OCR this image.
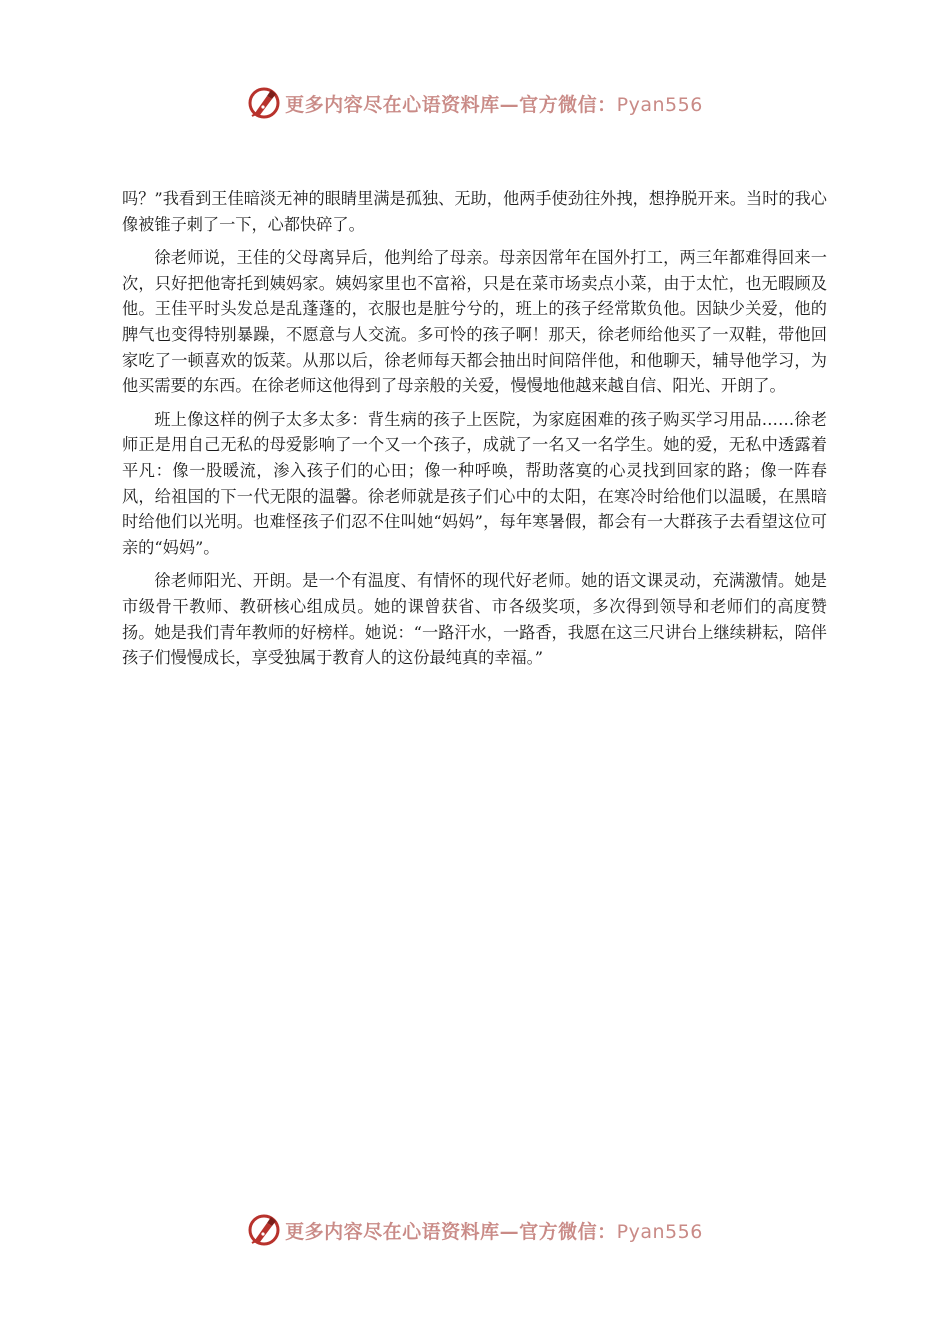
更多内容尽在心语资料库—官方微信：Pyan556

吗？”我看到王佳暗淡无神的眼睛里满是孤独、无助，他两手使劲往外拽，想挣脱开来。当时的我心像被锥子刺了一下，心都快碎了。

徐老师说，王佳的父母离异后，他判给了母亲。母亲因常年在国外打工，两三年都难得回来一次，只好把他寄托到姨妈家。姨妈家里也不富裕，只是在菜市场卖点小菜，由于太忙，也无暇顾及他。王佳平时头发总是乱蓬蓬的，衣服也是脏兮兮的，班上的孩子经常欺负他。因缺少关爱，他的脾气也变得特别暴躁，不愿意与人交流。多可怜的孩子啊！那天，徐老师给他买了一双鞋，带他回家吃了一顿喜欢的饭菜。从那以后，徐老师每天都会抽出时间陪伴他，和他聊天，辅导他学习，为他买需要的东西。在徐老师这他得到了母亲般的关爱，慢慢地他越来越自信、阳光、开朗了。

班上像这样的例子太多太多：背生病的孩子上医院，为家庭困难的孩子购买学习用品……徐老师正是用自己无私的母爱影响了一个又一个孩子，成就了一名又一名学生。她的爱，无私中透露着平凡：像一股暖流，渗入孩子们的心田；像一种呼唤，帮助落寞的心灵找到回家的路；像一阵春风，给祖国的下一代无限的温馨。徐老师就是孩子们心中的太阳，在寒冷时给他们以温暖，在黑暗时给他们以光明。也难怪孩子们忍不住叫她“妈妈”，每年寒暑假，都会有一大群孩子去看望这位可亲的“妈妈”。

徐老师阳光、开朗。是一个有温度、有情怀的现代好老师。她的语文课灵动，充满激情。她是市级骨干教师、教研核心组成员。她的课曾获省、市各级奖项，多次得到领导和老师们的高度赞扬。她是我们青年教师的好榜样。她说：“一路汗水，一路香，我愿在这三尺讲台上继续耕耘，陪伴孩子们慢慢成长，享受独属于教育人的这份最纯真的幸福。”

更多内容尽在心语资料库—官方微信：Pyan556
